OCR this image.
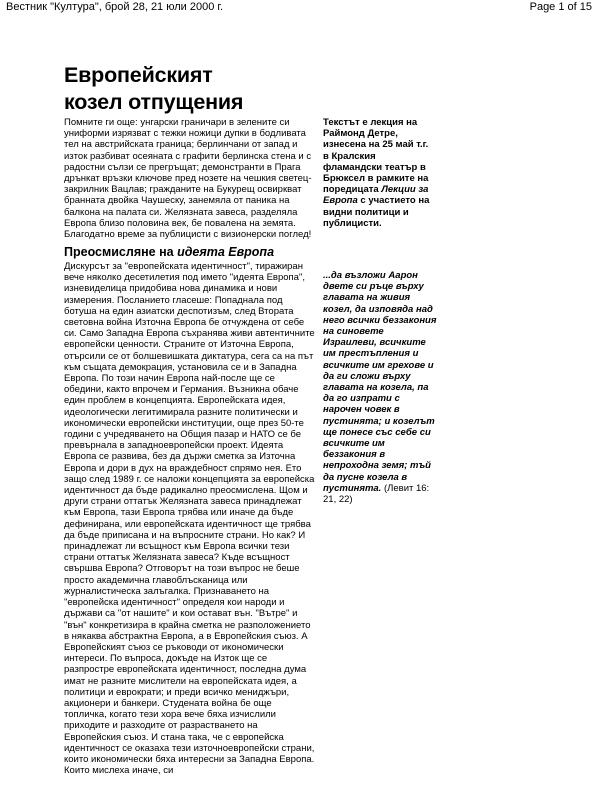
Вестник "Култура", брой 28, 21 юли 2000 г.	Page 1 of 15
Европейският
козел отпущения

Помните ги още: унгарски граничари в зелените си униформи изрязват с тежки ножици дупки в бодливата тел на австрийската граница; берлинчани от запад и изток разбиват осеяната с графити берлинска стена и с радостни сълзи се прегръщат; демонстранти в Прага дрънкат връзки ключове пред нозете на чешкия светец-закрилник Вацлав; гражданите на Букурещ освиркват бранната двойка Чаушеску, занемяла от паника на балкона на палата си. Желязната завеса, разделяла Европа близо половина век, бе повалена на земята. Благодатно време за публицисти с визионерски поглед!

Преосмисляне на идеята Европа

Дискурсът за "европейската идентичност", тиражиран вече няколко десетилетия под името "идеята Европа", изневиделица придобива нова динамика и нови измерения. Посланието гласеше: Попаднала под ботуша на един азиатски деспотизъм, след Втората световна война Източна Европа бе отчуждена от себе си. Само Западна Европа съхранява живи автентичните европейски ценности. Страните от Източна Европа, отърсили се от болшевишката диктатура, сега са на път към същата демокрация, установила се и в Западна Европа. По този начин Европа най-после ще се обедини, както впрочем и Германия. Възникна обаче един проблем в концепцията. Европейската идея, идеологически легитимирала разните политически и икономически европейски институции, още през 50-те години с учредяването на Общия пазар и НАТО се бе превърнала в западноевропейски проект. Идеята Европа се развива, без да държи сметка за Източна Европа и дори в дух на враждебност спрямо нея. Ето защо след 1989 г. се наложи концепцията за европейска идентичност да бъде радикално преосмислена. Щом и други страни оттатък Желязната завеса принадлежат към Европа, тази Европа трябва или иначе да бъде дефинирана, или европейската идентичност ще трябва да бъде приписана и на въпросните страни. Но как? И принадлежат ли всъщност към Европа всички тези страни оттатък Желязната завеса? Къде всъщност свършва Европа? Отговорът на този въпрос не беше просто академична главоблъсканица или журналистическа залъгалка. Признаването на "европейска идентичност" определя кои народи и държави са "от нашите" и кои остават вън. "Вътре" и "вън" конкретизира в крайна сметка не разположението в някаква абстрактна Европа, а в Европейския съюз. А Европейският съюз се ръководи от икономически интереси. По въпроса, докъде на Изток ще се разпростре европейската идентичност, последна дума имат не разните мислители на европейската идея, а политици и еврократи; и преди всичко мениджъри, акционери и банкери. Студената война бе още топличка, когато тези хора вече бяха изчислили приходите и разходите от разрастването на Европейския съюз. И стана така, че с европейска идентичност се оказаха тези източноевропейски страни, които икономически бяха интересни за Западна Европа. Които мислеха иначе, си

Текстът е лекция на Раймонд Детре, изнесена на 25 май т.г. в Кралския фламандски театър в Брюксел в рамките на поредицата Лекции за Европа с участието на видни политици и публицисти.
...да възложи Аарон двете си ръце върху главата на живия козел, да изповяда над него всички беззакония на синовете Израилеви, всичките им престъпления и всичките им грехове и да ги сложи върху главата на козела, па да го изпрати с нарочен човек в пустинята; и козелът ще понесе със себе си всичките им беззакония в непроходна земя; тъй да пусне козела в пустинята. (Левит 16: 21, 22)
